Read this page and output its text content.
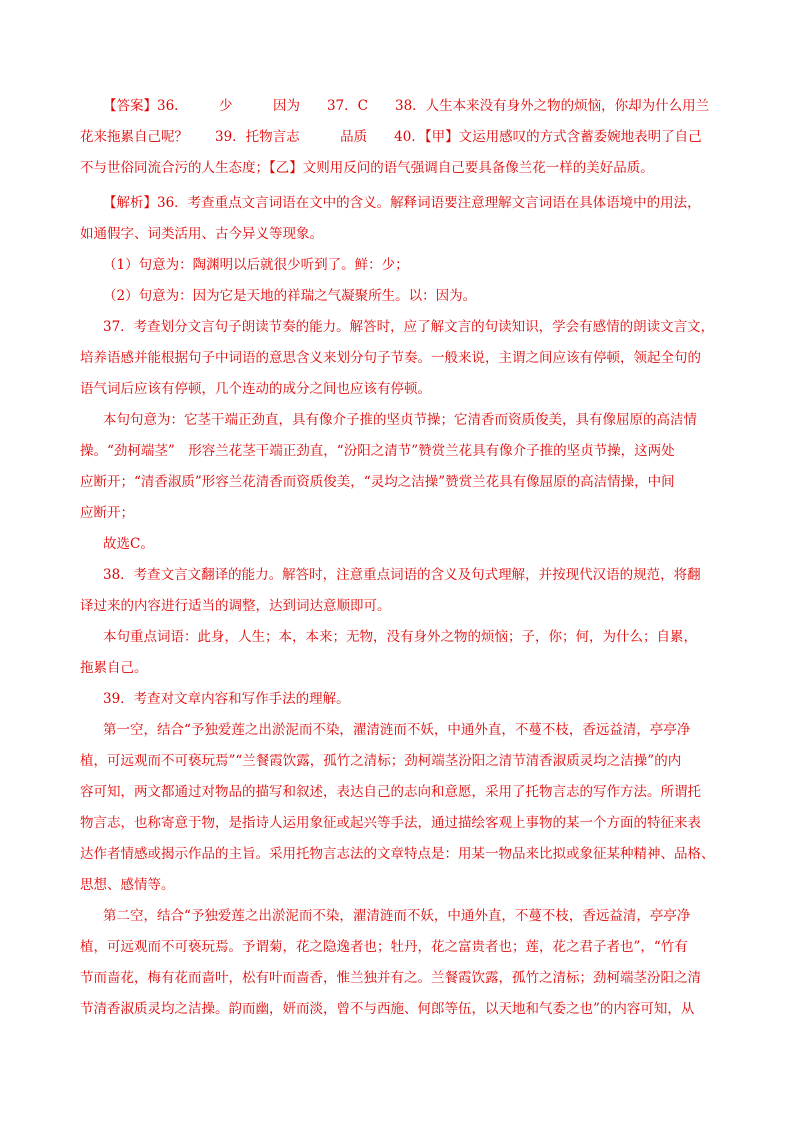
【答案】36.　　　少　　　因为　　37．C　　38．人生本来没有身外之物的烦恼，你却为什么用兰
花来拖累自己呢？　　39．托物言志　　　品质　　40．【甲】文运用感叹的方式含蓄委婉地表明了自己
不与世俗同流合污的人生态度；【乙】文则用反问的语气强调自己要具备像兰花一样的美好品质。
【解析】36．考查重点文言词语在文中的含义。解释词语要注意理解文言词语在具体语境中的用法，
如通假字、词类活用、古今异义等现象。
（1）句意为：陶渊明以后就很少听到了。鲜：少；
（2）句意为：因为它是天地的祥瑞之气凝聚所生。以：因为。
37．考查划分文言句子朗读节奏的能力。解答时，应了解文言的句读知识，学会有感情的朗读文言文，
培养语感并能根据句子中词语的意思含义来划分句子节奏。一般来说，主谓之间应该有停顿，领起全句的
语气词后应该有停顿，几个连动的成分之间也应该有停顿。
本句句意为：它茎干端正劲直，具有像介子推的坚贞节操；它清香而资质俊美，具有像屈原的高洁情
操。“劲柯端茎”　形容兰花茎干端正劲直，“汾阳之清节”赞赏兰花具有像介子推的坚贞节操，这两处
应断开；“清香淑质”形容兰花清香而资质俊美，“灵均之洁操”赞赏兰花具有像屈原的高洁情操，中间
应断开；
故选C。
38．考查文言文翻译的能力。解答时，注意重点词语的含义及句式理解，并按现代汉语的规范，将翻
译过来的内容进行适当的调整，达到词达意顺即可。
本句重点词语：此身，人生；本，本来；无物，没有身外之物的烦恼；子，你；何，为什么；自累，
拖累自己。
39．考查对文章内容和写作手法的理解。
第一空，结合“予独爱莲之出淤泥而不染，濯清涟而不妖，中通外直，不蔓不枝，香远益清，亭亭净
植，可远观而不可亵玩焉”“兰餐霞饮露，孤竹之清标；劲柯端茎汾阳之清节清香淑质灵均之洁操”的内
容可知，两文都通过对物品的描写和叙述，表达自己的志向和意愿，采用了托物言志的写作方法。所谓托
物言志，也称寄意于物，是指诗人运用象征或起兴等手法，通过描绘客观上事物的某一个方面的特征来表
达作者情感或揭示作品的主旨。采用托物言志法的文章特点是：用某一物品来比拟或象征某种精神、品格、
思想、感情等。
第二空，结合“予独爱莲之出淤泥而不染，濯清涟而不妖，中通外直，不蔓不枝，香远益清，亭亭净
植，可远观而不可亵玩焉。予谓菊，花之隐逸者也；牡丹，花之富贵者也；莲，花之君子者也”，“竹有
节而啬花，梅有花而啬叶，松有叶而啬香，惟兰独并有之。兰餐霞饮露，孤竹之清标；劲柯端茎汾阳之清
节清香淑质灵均之洁操。韵而幽，妍而淡，曾不与西施、何郎等伍，以天地和气委之也”的内容可知，从
